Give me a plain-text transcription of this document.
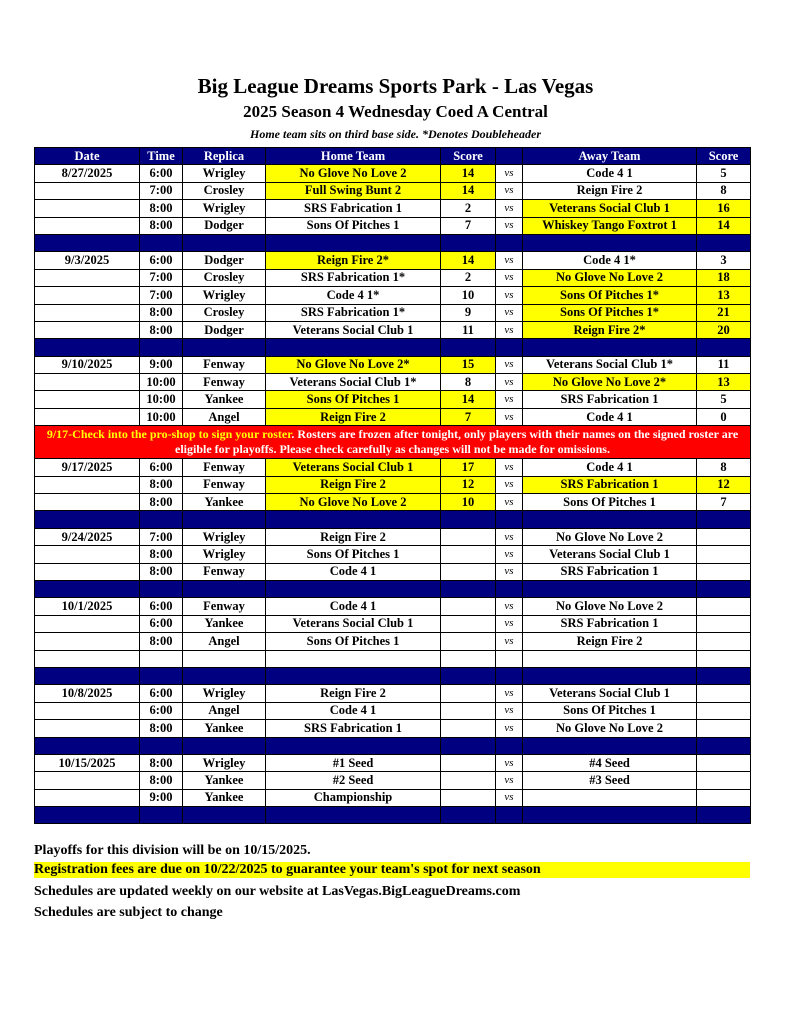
Big League Dreams Sports Park - Las Vegas
2025 Season 4 Wednesday Coed A Central
Home team sits on third base side. *Denotes Doubleheader
Date	Time	Replica	Home Team	Score		Away Team	Score
8/27/2025	6:00	Wrigley	No Glove No Love 2	14	vs	Code 4 1	5
	7:00	Crosley	Full Swing Bunt 2	14	vs	Reign Fire 2	8
	8:00	Wrigley	SRS Fabrication 1	2	vs	Veterans Social Club 1	16
	8:00	Dodger	Sons Of Pitches 1	7	vs	Whiskey Tango Foxtrot 1	14

9/3/2025	6:00	Dodger	Reign Fire 2*	14	vs	Code 4 1*	3
	7:00	Crosley	SRS Fabrication 1*	2	vs	No Glove No Love 2	18
	7:00	Wrigley	Code 4 1*	10	vs	Sons Of Pitches 1*	13
	8:00	Crosley	SRS Fabrication 1*	9	vs	Sons Of Pitches 1*	21
	8:00	Dodger	Veterans Social Club 1	11	vs	Reign Fire 2*	20

9/10/2025	9:00	Fenway	No Glove No Love 2*	15	vs	Veterans Social Club 1*	11
	10:00	Fenway	Veterans Social Club 1*	8	vs	No Glove No Love 2*	13
	10:00	Yankee	Sons Of Pitches 1	14	vs	SRS Fabrication 1	5
	10:00	Angel	Reign Fire 2	7	vs	Code 4 1	0
9/17-Check into the pro-shop to sign your roster. Rosters are frozen after tonight, only players with their names on the signed roster are eligible for playoffs. Please check carefully as changes will not be made for omissions.							
9/17/2025	6:00	Fenway	Veterans Social Club 1	17	vs	Code 4 1	8
	8:00	Fenway	Reign Fire 2	12	vs	SRS Fabrication 1	12
	8:00	Yankee	No Glove No Love 2	10	vs	Sons Of Pitches 1	7

9/24/2025	7:00	Wrigley	Reign Fire 2		vs	No Glove No Love 2	
	8:00	Wrigley	Sons Of Pitches 1		vs	Veterans Social Club 1	
	8:00	Fenway	Code 4 1		vs	SRS Fabrication 1	

10/1/2025	6:00	Fenway	Code 4 1		vs	No Glove No Love 2	
	6:00	Yankee	Veterans Social Club 1		vs	SRS Fabrication 1	
	8:00	Angel	Sons Of Pitches 1		vs	Reign Fire 2	

10/8/2025	6:00	Wrigley	Reign Fire 2		vs	Veterans Social Club 1	
	6:00	Angel	Code 4 1		vs	Sons Of Pitches 1	
	8:00	Yankee	SRS Fabrication 1		vs	No Glove No Love 2	

10/15/2025	8:00	Wrigley	#1 Seed		vs	#4 Seed	
	8:00	Yankee	#2 Seed		vs	#3 Seed	
	9:00	Yankee	Championship		vs		

Playoffs for this division will be on 10/15/2025.
Registration fees are due on 10/22/2025 to guarantee your team's spot for next season
Schedules are updated weekly on our website at LasVegas.BigLeagueDreams.com
Schedules are subject to change
